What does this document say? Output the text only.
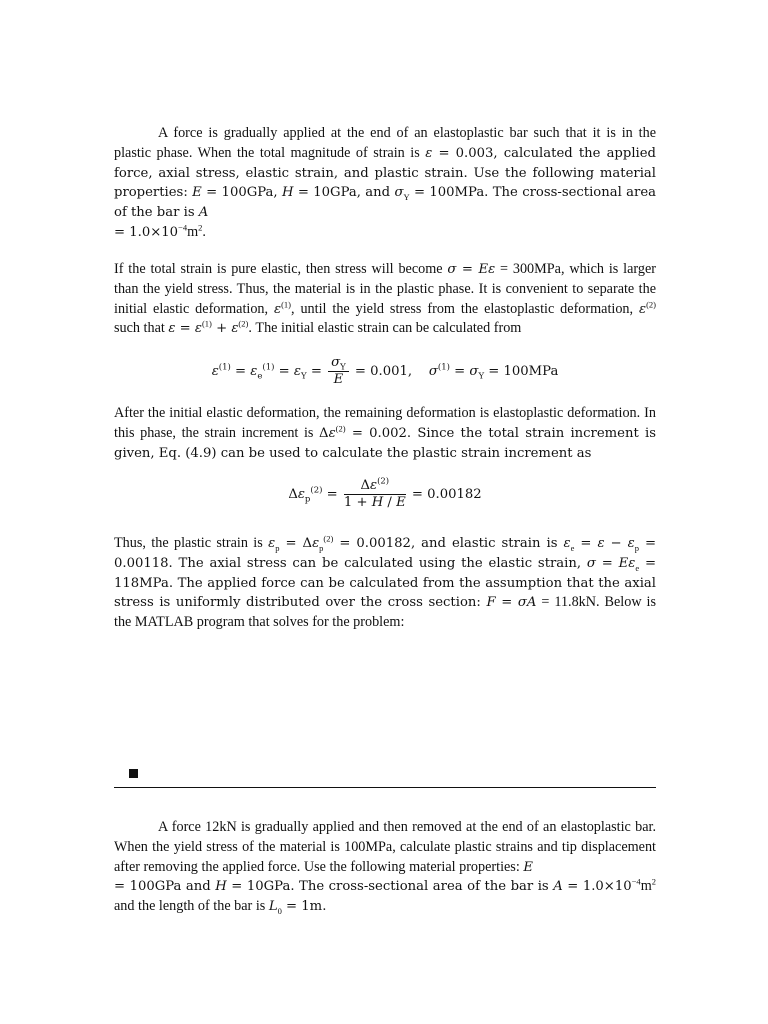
A force is gradually applied at the end of an elastoplastic bar such that it is in the plastic phase. When the total magnitude of strain is ε = 0.003, calculated the applied force, axial stress, elastic strain, and plastic strain. Use the following material properties: E = 100GPa, H = 10GPa, and $\sigma_Y = 100MPa$. The cross-sectional area of the bar is A
= $1.0\times 10^{-4}m^2$.

If the total strain is pure elastic, then stress will become σ = Eε = 300MPa, which is larger than the yield stress. Thus, the material is in the plastic phase. It is convenient to separate the initial elastic deformation, $\varepsilon^{(1)}$, until the yield stress from the elastoplastic deformation, $\varepsilon^{(2)}$ such that $\varepsilon = \varepsilon^{(1)} + \varepsilon^{(2)}$. The initial elastic strain can be calculated from

$\varepsilon^{(1)} = \varepsilon_e^{(1)} = \varepsilon_Y = \frac{\sigma_Y}{E} = 0.001$, $\sigma^{(1)} = \sigma_Y = 100MPa$

After the initial elastic deformation, the remaining deformation is elastoplastic deformation. In this phase, the strain increment is $\Delta\varepsilon^{(2)} = 0.002$. Since the total strain increment is given, Eq. (4.9) can be used to calculate the plastic strain increment as

$\Delta\varepsilon_p^{(2)} = \frac{\Delta\varepsilon^{(2)}}{1 + H / E} = 0.00182$

Thus, the plastic strain is $\varepsilon_p = \Delta\varepsilon_p^{(2)} = 0.00182$, and elastic strain is $\varepsilon_e = \varepsilon - \varepsilon_p = 0.00118$. The axial stress can be calculated using the elastic strain, $\sigma = E\varepsilon_e = 118MPa$. The applied force can be calculated from the assumption that the axial stress is uniformly distributed over the cross section: F = σA = 11.8kN. Below is the MATLAB program that solves for the problem:

A force 12kN is gradually applied and then removed at the end of an elastoplastic bar. When the yield stress of the material is 100MPa, calculate plastic strains and tip displacement after removing the applied force. Use the following material properties: E
= 100GPa and H = 10GPa. The cross-sectional area of the bar is $A = 1.0\times 10^{-4}m^2$ and the length of the bar is $L_0 = 1m$.
